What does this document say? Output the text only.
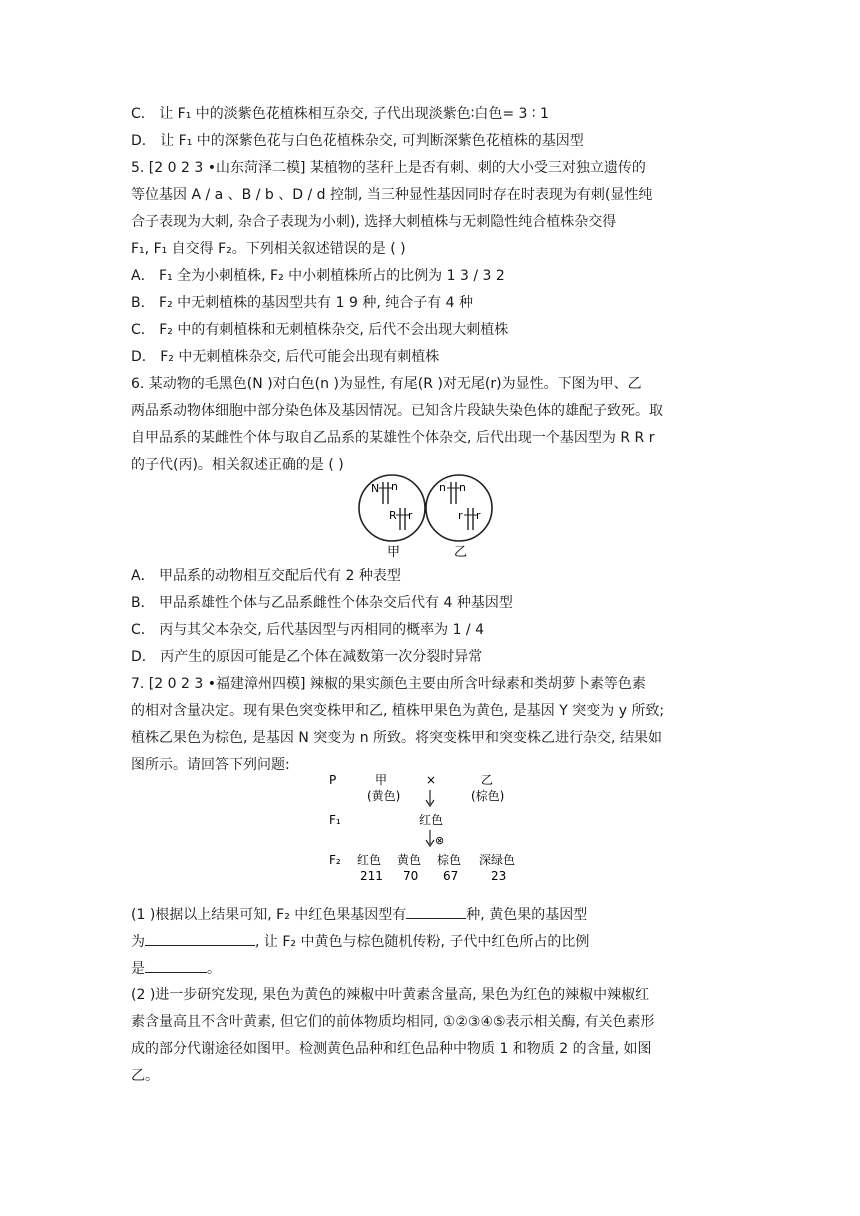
C． 让 F₁ 中的淡紫色花植株相互杂交, 子代出现淡紫色∶白色= 3 ∶ 1
D． 让 F₁ 中的深紫色花与白色花植株杂交, 可判断深紫色花植株的基因型
5. [2 0 2 3 •山东菏泽二模] 某植物的茎秆上是否有刺、刺的大小受三对独立遗传的
等位基因 A / a 、B / b 、D / d 控制, 当三种显性基因同时存在时表现为有刺(显性纯
合子表现为大刺, 杂合子表现为小刺), 选择大刺植株与无刺隐性纯合植株杂交得
F₁, F₁ 自交得 F₂。下列相关叙述错误的是 ( )
A． F₁ 全为小刺植株, F₂ 中小刺植株所占的比例为 1 3 / 3 2
B． F₂ 中无刺植株的基因型共有 1 9 种, 纯合子有 4 种
C． F₂ 中的有刺植株和无刺植株杂交, 后代不会出现大刺植株
D． F₂ 中无刺植株杂交, 后代可能会出现有刺植株
6. 某动物的毛黑色(N )对白色(n )为显性, 有尾(R )对无尾(r)为显性。下图为甲、乙
两品系动物体细胞中部分染色体及基因情况。已知含片段缺失染色体的雄配子致死。取
自甲品系的某雌性个体与取自乙品系的某雄性个体杂交, 后代出现一个基因型为 R R r
的子代(丙)。相关叙述正确的是 ( )
N n
R r
n n
r r
甲	乙
A． 甲品系的动物相互交配后代有 2 种表型
B． 甲品系雄性个体与乙品系雌性个体杂交后代有 4 种基因型
C． 丙与其父本杂交, 后代基因型与丙相同的概率为 1 / 4
D． 丙产生的原因可能是乙个体在减数第一次分裂时异常
7. [2 0 2 3 •福建漳州四模] 辣椒的果实颜色主要由所含叶绿素和类胡萝卜素等色素
的相对含量决定。现有果色突变株甲和乙, 植株甲果色为黄色, 是基因 Y 突变为 y 所致;
植株乙果色为棕色, 是基因 N 突变为 n 所致。将突变株甲和突变株乙进行杂交, 结果如
图所示。请回答下列问题:
P	甲
(黄色)
×	乙
(棕色)
F₁	红色
⊗
F₂ 红色
211
黄色
70
棕色
67
深绿色
23
(1 )根据以上结果可知, F₂ 中红色果基因型有	种, 黄色果的基因型
为	, 让 F₂ 中黄色与棕色随机传粉, 子代中红色所占的比例
是	。
(2 )进一步研究发现, 果色为黄色的辣椒中叶黄素含量高, 果色为红色的辣椒中辣椒红
素含量高且不含叶黄素, 但它们的前体物质均相同, ①②③④⑤表示相关酶, 有关色素形
成的部分代谢途径如图甲。检测黄色品种和红色品种中物质 1 和物质 2 的含量, 如图
乙。
